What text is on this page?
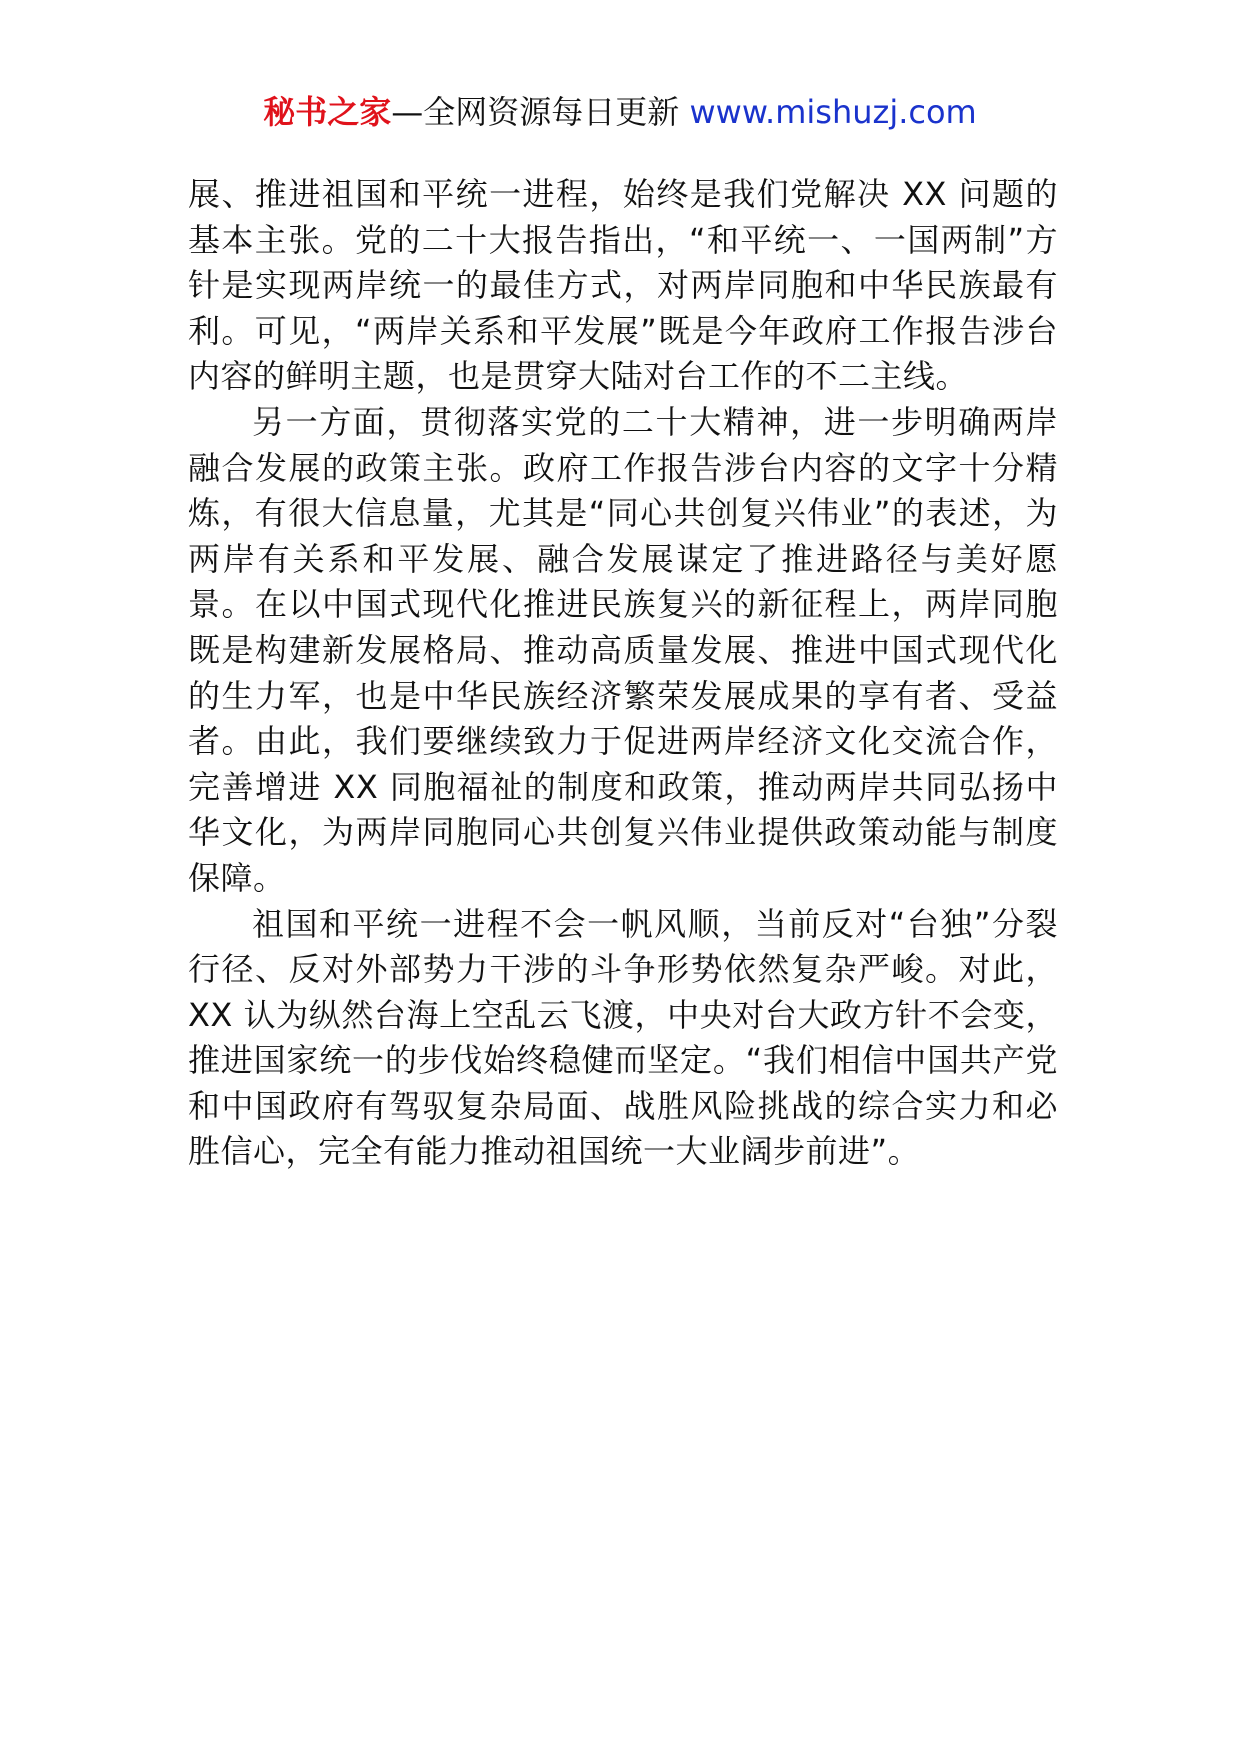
秘书之家—全网资源每日更新 www.mishuzj.com

展、推进祖国和平统一进程，始终是我们党解决 XX 问题的基本主张。党的二十大报告指出，“和平统一、一国两制”方针是实现两岸统一的最佳方式，对两岸同胞和中华民族最有利。可见，“两岸关系和平发展”既是今年政府工作报告涉台内容的鲜明主题，也是贯穿大陆对台工作的不二主线。

另一方面，贯彻落实党的二十大精神，进一步明确两岸融合发展的政策主张。政府工作报告涉台内容的文字十分精炼，有很大信息量，尤其是“同心共创复兴伟业”的表述，为两岸有关系和平发展、融合发展谋定了推进路径与美好愿景。在以中国式现代化推进民族复兴的新征程上，两岸同胞既是构建新发展格局、推动高质量发展、推进中国式现代化的生力军，也是中华民族经济繁荣发展成果的享有者、受益者。由此，我们要继续致力于促进两岸经济文化交流合作，完善增进 XX 同胞福祉的制度和政策，推动两岸共同弘扬中华文化，为两岸同胞同心共创复兴伟业提供政策动能与制度保障。

祖国和平统一进程不会一帆风顺，当前反对“台独”分裂行径、反对外部势力干涉的斗争形势依然复杂严峻。对此，XX 认为纵然台海上空乱云飞渡，中央对台大政方针不会变，推进国家统一的步伐始终稳健而坚定。“我们相信中国共产党和中国政府有驾驭复杂局面、战胜风险挑战的综合实力和必胜信心，完全有能力推动祖国统一大业阔步前进”。
